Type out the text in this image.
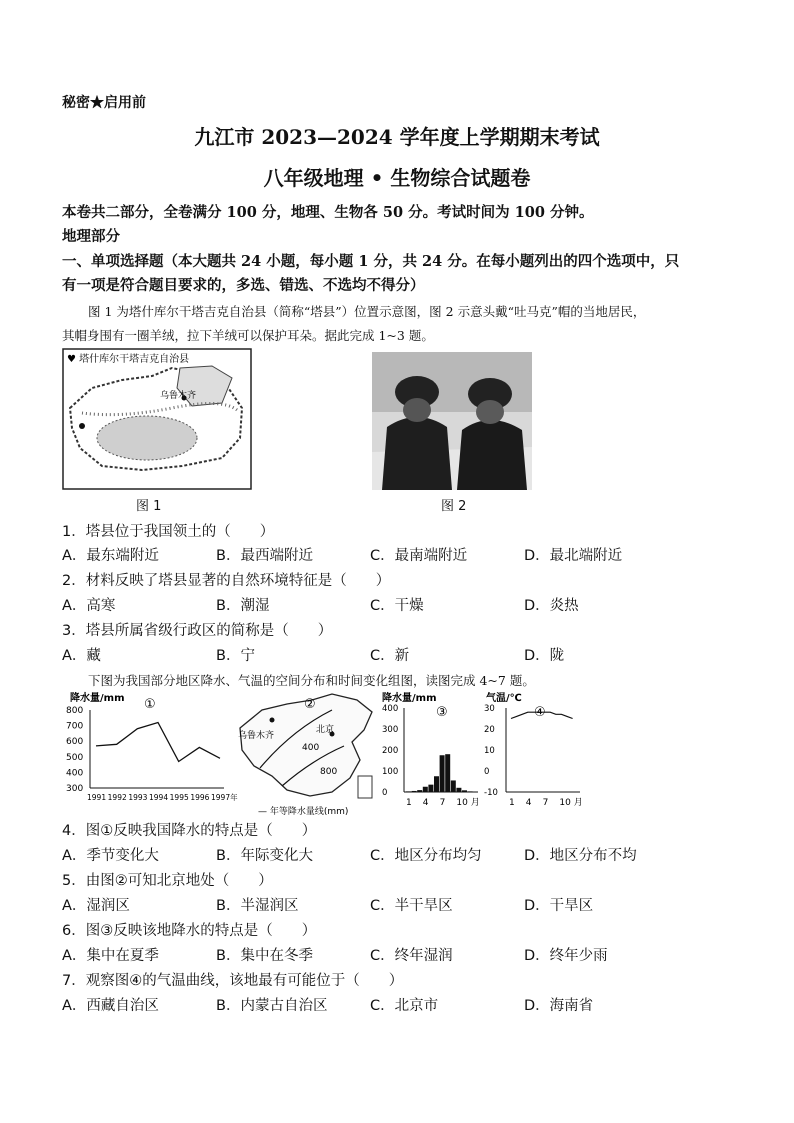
秘密★启用前
九江市 2023—2024 学年度上学期期末考试
八年级地理 • 生物综合试题卷
本卷共二部分，全卷满分 100 分，地理、生物各 50 分。考试时间为 100 分钟。
地理部分
一、单项选择题（本大题共 24 小题，每小题 1 分，共 24 分。在每小题列出的四个选项中，只
有一项是符合题目要求的，多选、错选、不选均不得分）
图 1 为塔什库尔干塔吉克自治县（简称“塔县”）位置示意图，图 2 示意头戴“吐马克”帽的当地居民，
其帽身围有一圈羊绒，拉下羊绒可以保护耳朵。据此完成 1~3 题。
♥ 塔什库尔干塔吉克自治县
乌鲁木齐
图 1	图 2
1．塔县位于我国领土的（　　）
A．最东端附近	B．最西端附近	C．最南端附近	D．最北端附近
2．材料反映了塔县显著的自然环境特征是（　　）
A．高寒	B．潮湿	C．干燥	D．炎热
3．塔县所属省级行政区的简称是（　　）
A．藏	B．宁	C．新	D．陇
下图为我国部分地区降水、气温的空间分布和时间变化组图，读图完成 4~7 题。
降水量/mm ①
800
700
600
500
400
300
1991 1992 1993 1994 1995 1996 1997年
②
乌鲁木齐
北京
400
800
— 年等降水量线(mm)
降水量/mm
③
400
300
200
100
0
1 4 7 10 月
气温/℃
④
30
20
10
0
-10
1 4 7 10 月
4．图①反映我国降水的特点是（　　）
A．季节变化大	B．年际变化大	C．地区分布均匀	D．地区分布不均
5．由图②可知北京地处（　　）
A．湿润区	B．半湿润区	C．半干旱区	D．干旱区
6．图③反映该地降水的特点是（　　）
A．集中在夏季	B．集中在冬季	C．终年湿润	D．终年少雨
7．观察图④的气温曲线，该地最有可能位于（　　）
A．西藏自治区	B．内蒙古自治区	C．北京市	D．海南省
